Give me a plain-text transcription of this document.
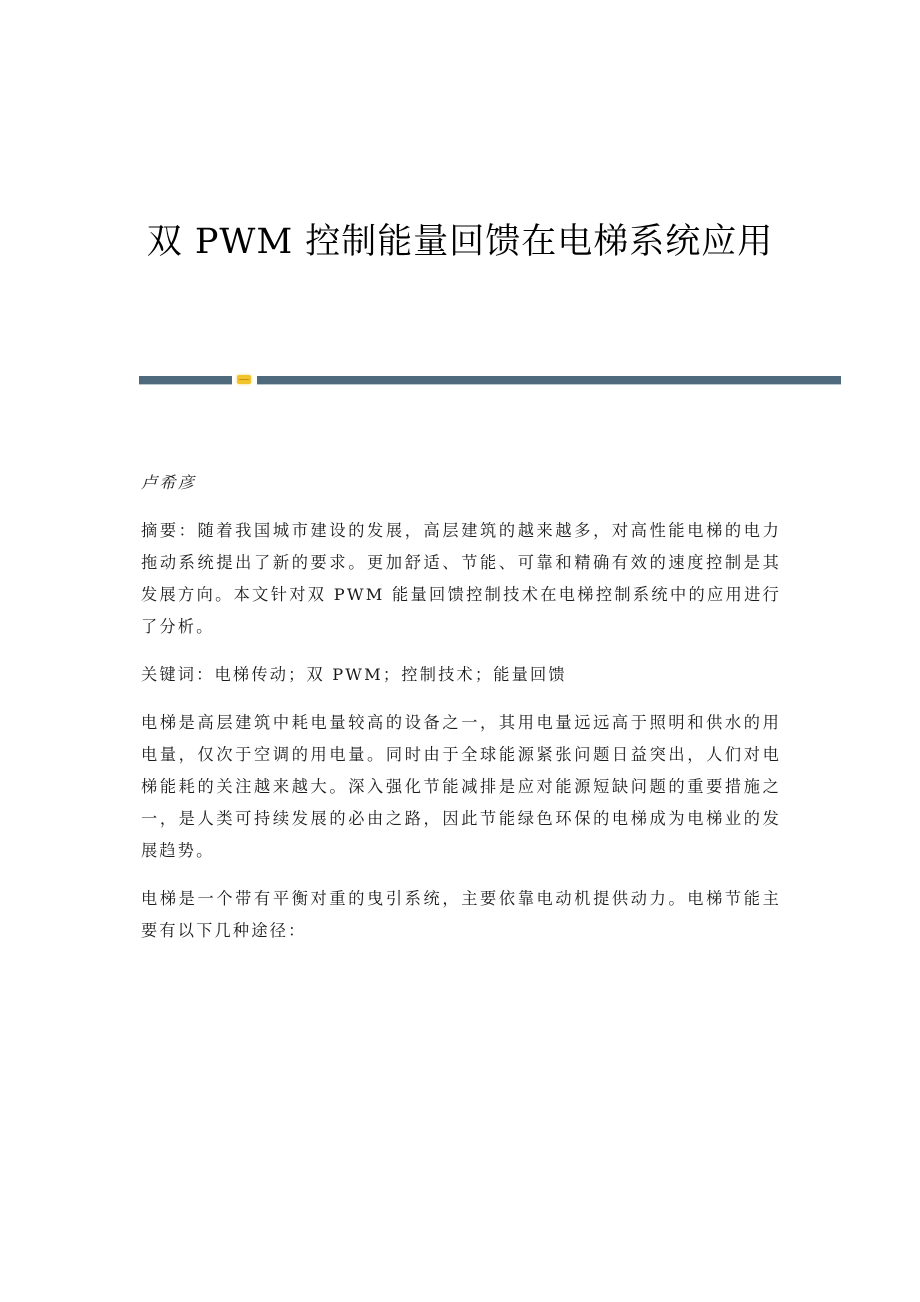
双 PWM 控制能量回馈在电梯系统应用

卢希彦

摘要：随着我国城市建设的发展，高层建筑的越来越多，对高性能电梯的电力拖动系统提出了新的要求。更加舒适、节能、可靠和精确有效的速度控制是其发展方向。本文针对双 PWM 能量回馈控制技术在电梯控制系统中的应用进行了分析。

关键词：电梯传动；双 PWM；控制技术；能量回馈

电梯是高层建筑中耗电量较高的设备之一，其用电量远远高于照明和供水的用电量，仅次于空调的用电量。同时由于全球能源紧张问题日益突出，人们对电梯能耗的关注越来越大。深入强化节能减排是应对能源短缺问题的重要措施之一，是人类可持续发展的必由之路，因此节能绿色环保的电梯成为电梯业的发展趋势。

电梯是一个带有平衡对重的曳引系统，主要依靠电动机提供动力。电梯节能主要有以下几种途径：
